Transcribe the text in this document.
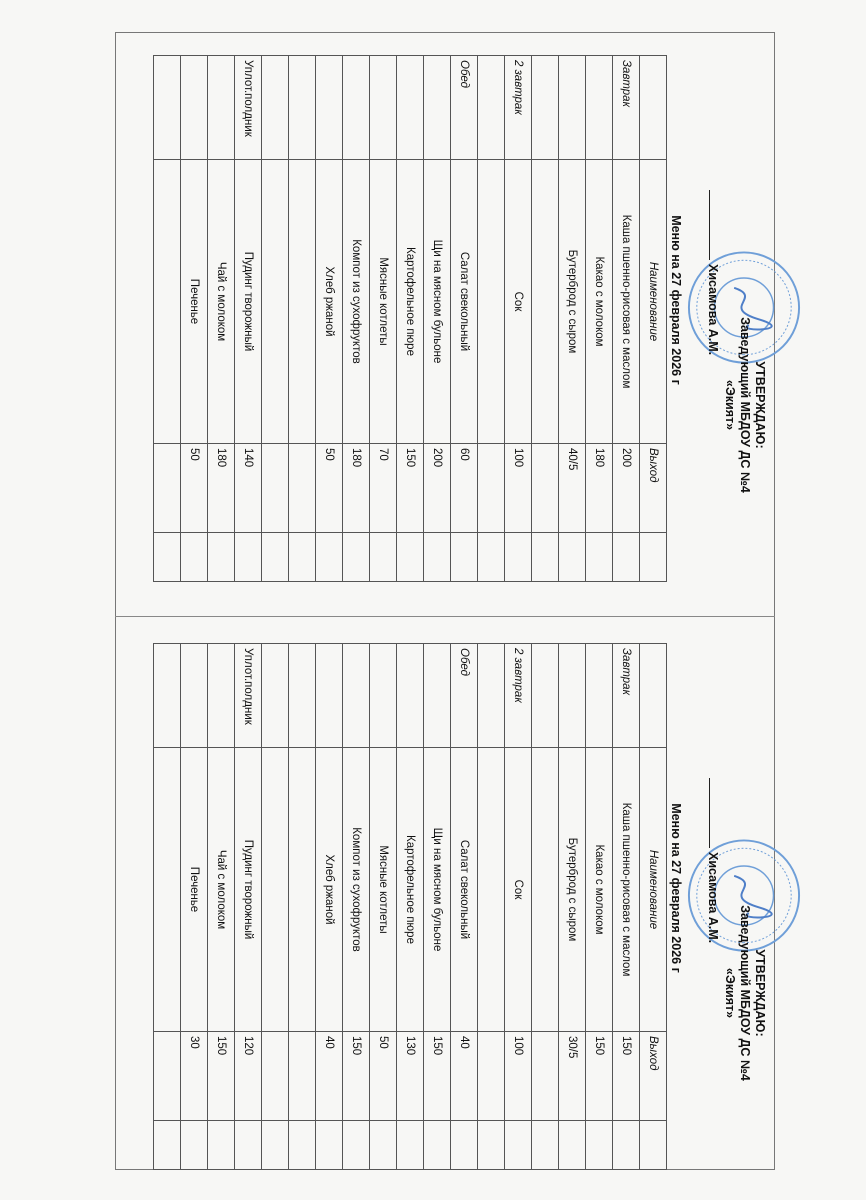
УТВЕРЖДАЮ:
Заведующий МБДОУ ДС №4
«Экият»
Хисамова А.М.
Меню на 27 февраля 2026 г
	Наименование	Выход	
Завтрак	Каша пшенно-рисовая с маслом	200	
	Какао с молоком	180	
	Бутерброд с сыром	40/5	

2 завтрак	Сок	100	

Обед	Салат свекольный	60	
	Щи на мясном бульоне	200	
	Картофельное пюре	150	
	Мясные котлеты	70	
	Компот из сухофруктов	180	
	Хлеб ржаной	50	

Уплот.полдник	Пудинг творожный	140	
	Чай с молоком	180	
	Печенье	50	

УТВЕРЖДАЮ:
Заведующий МБДОУ ДС №4
«Экият»
Хисамова А.М.
Меню на 27 февраля 2026 г
	Наименование	Выход	
Завтрак	Каша пшенно-рисовая с маслом	150	
	Какао с молоком	150	
	Бутерброд с сыром	30/5	

2 завтрак	Сок	100	

Обед	Салат свекольный	40	
	Щи на мясном бульоне	150	
	Картофельное пюре	130	
	Мясные котлеты	50	
	Компот из сухофруктов	150	
	Хлеб ржаной	40	

Уплот.полдник	Пудинг творожный	120	
	Чай с молоком	150	
	Печенье	30	
